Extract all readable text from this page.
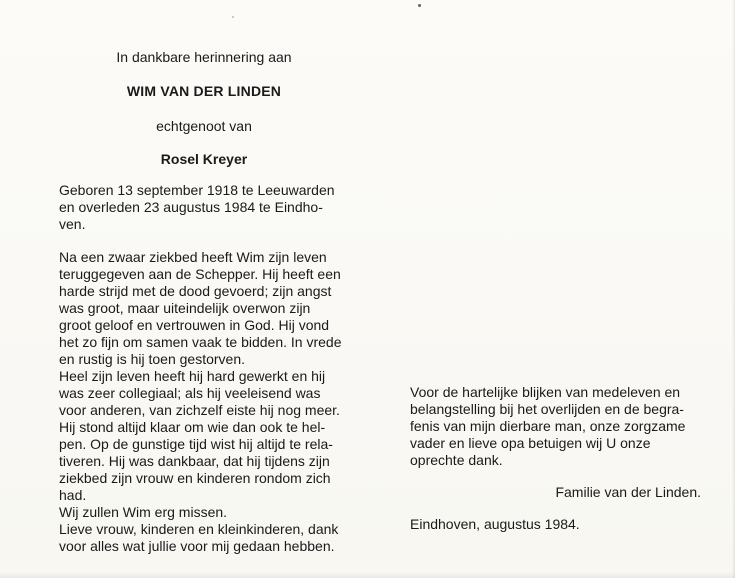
In dankbare herinnering aan
WIM VAN DER LINDEN
echtgenoot van
Rosel Kreyer

Geboren 13 september 1918 te Leeuwarden
en overleden 23 augustus 1984 te Eindho-
ven.

Na een zwaar ziekbed heeft Wim zijn leven
teruggegeven aan de Schepper. Hij heeft een
harde strijd met de dood gevoerd; zijn angst
was groot, maar uiteindelijk overwon zijn
groot geloof en vertrouwen in God. Hij vond
het zo fijn om samen vaak te bidden. In vrede
en rustig is hij toen gestorven.
Heel zijn leven heeft hij hard gewerkt en hij
was zeer collegiaal; als hij veeleisend was
voor anderen, van zichzelf eiste hij nog meer.
Hij stond altijd klaar om wie dan ook te hel-
pen. Op de gunstige tijd wist hij altijd te rela-
tiveren. Hij was dankbaar, dat hij tijdens zijn
ziekbed zijn vrouw en kinderen rondom zich
had.
Wij zullen Wim erg missen.
Lieve vrouw, kinderen en kleinkinderen, dank
voor alles wat jullie voor mij gedaan hebben.

Voor de hartelijke blijken van medeleven en
belangstelling bij het overlijden en de begra-
fenis van mijn dierbare man, onze zorgzame
vader en lieve opa betuigen wij U onze
oprechte dank.
Familie van der Linden.
Eindhoven, augustus 1984.
